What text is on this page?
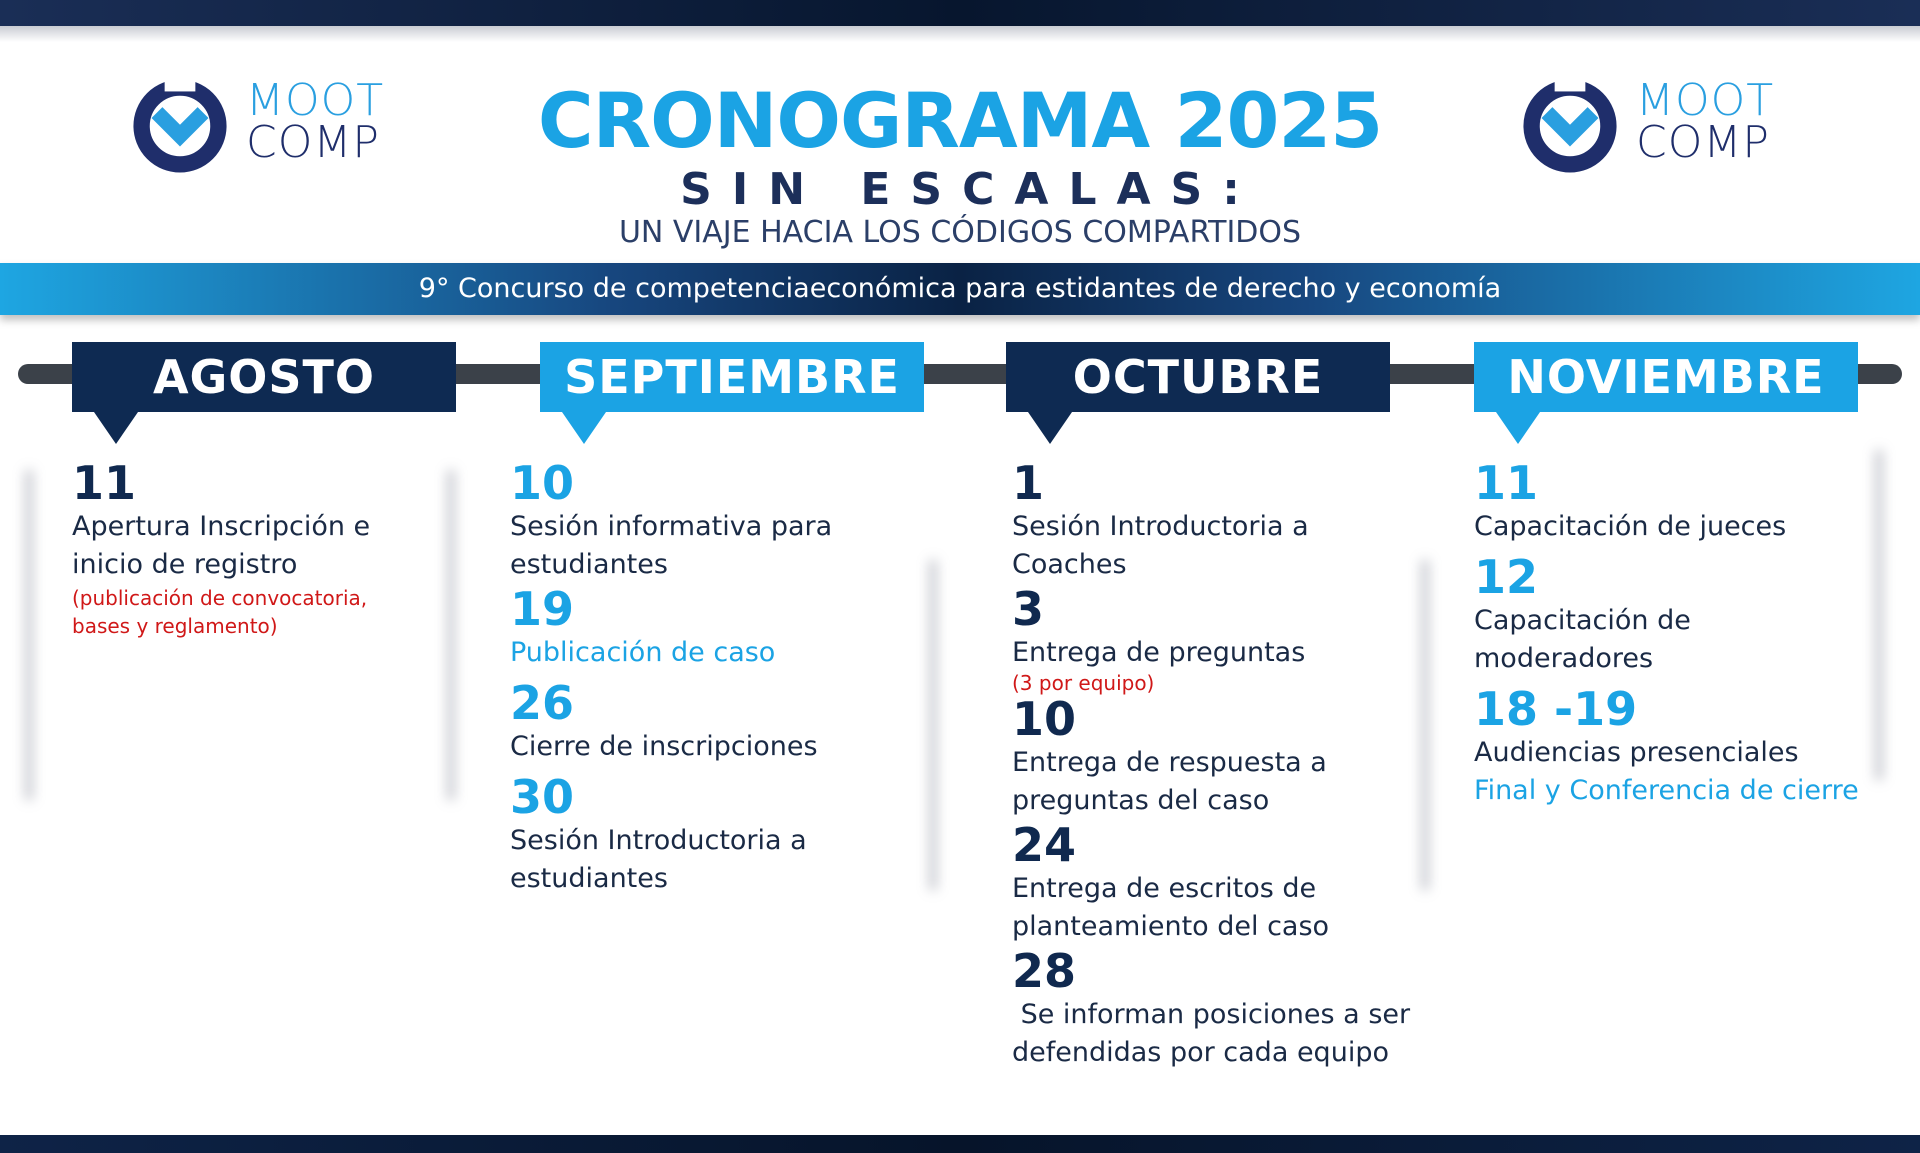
MOOT
COMP
MOOT
COMP
CRONOGRAMA 2025
SIN ESCALAS:
UN VIAJE HACIA LOS CÓDIGOS COMPARTIDOS
9° Concurso de competenciaeconómica para estidantes de derecho y economía
AGOSTO	SEPTIEMBRE	OCTUBRE	NOVIEMBRE
11
Apertura Inscripción e
inicio de registro
(publicación de convocatoria,
bases y reglamento)
10
Sesión informativa para
estudiantes
19
Publicación de caso
26
Cierre de inscripciones
30
Sesión Introductoria a
estudiantes
1
Sesión Introductoria a
Coaches
3
Entrega de preguntas
(3 por equipo)
10
Entrega de respuesta a
preguntas del caso
24
Entrega de escritos de
planteamiento del caso
28
Se informan posiciones a ser
defendidas por cada equipo
11
Capacitación de jueces
12
Capacitación de
moderadores
18 -19
Audiencias presenciales
Final y Conferencia de cierre
